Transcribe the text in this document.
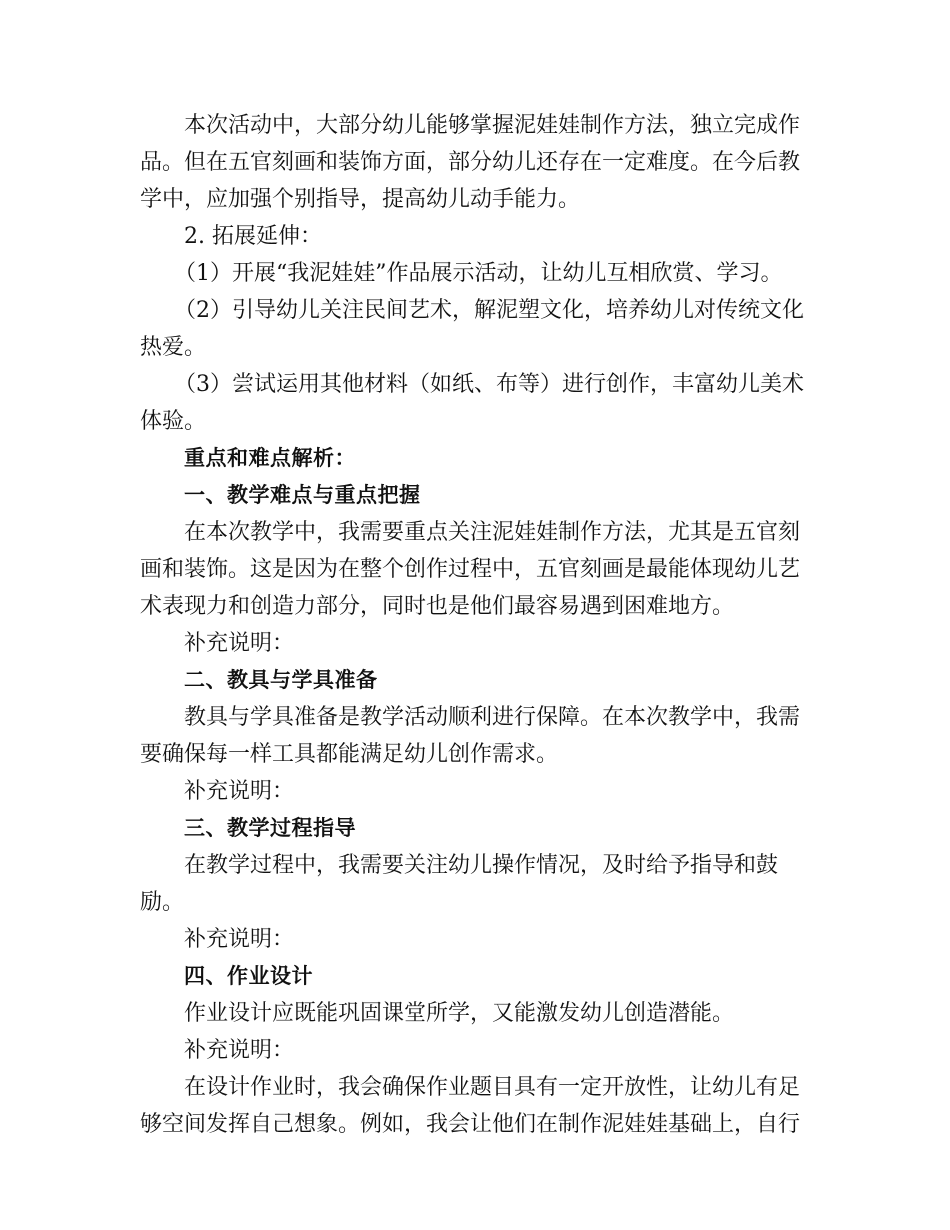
本次活动中，大部分幼儿能够掌握泥娃娃制作方法，独立完成作品。但在五官刻画和装饰方面，部分幼儿还存在一定难度。在今后教学中，应加强个别指导，提高幼儿动手能力。

2. 拓展延伸：

（1）开展“我泥娃娃”作品展示活动，让幼儿互相欣赏、学习。

（2）引导幼儿关注民间艺术，解泥塑文化，培养幼儿对传统文化热爱。

（3）尝试运用其他材料（如纸、布等）进行创作，丰富幼儿美术体验。

重点和难点解析：

一、教学难点与重点把握

在本次教学中，我需要重点关注泥娃娃制作方法，尤其是五官刻画和装饰。这是因为在整个创作过程中，五官刻画是最能体现幼儿艺术表现力和创造力部分，同时也是他们最容易遇到困难地方。

补充说明：

二、教具与学具准备

教具与学具准备是教学活动顺利进行保障。在本次教学中，我需要确保每一样工具都能满足幼儿创作需求。

补充说明：

三、教学过程指导

在教学过程中，我需要关注幼儿操作情况，及时给予指导和鼓励。

补充说明：

四、作业设计

作业设计应既能巩固课堂所学，又能激发幼儿创造潜能。

补充说明：

在设计作业时，我会确保作业题目具有一定开放性，让幼儿有足够空间发挥自己想象。例如，我会让他们在制作泥娃娃基础上，自行
